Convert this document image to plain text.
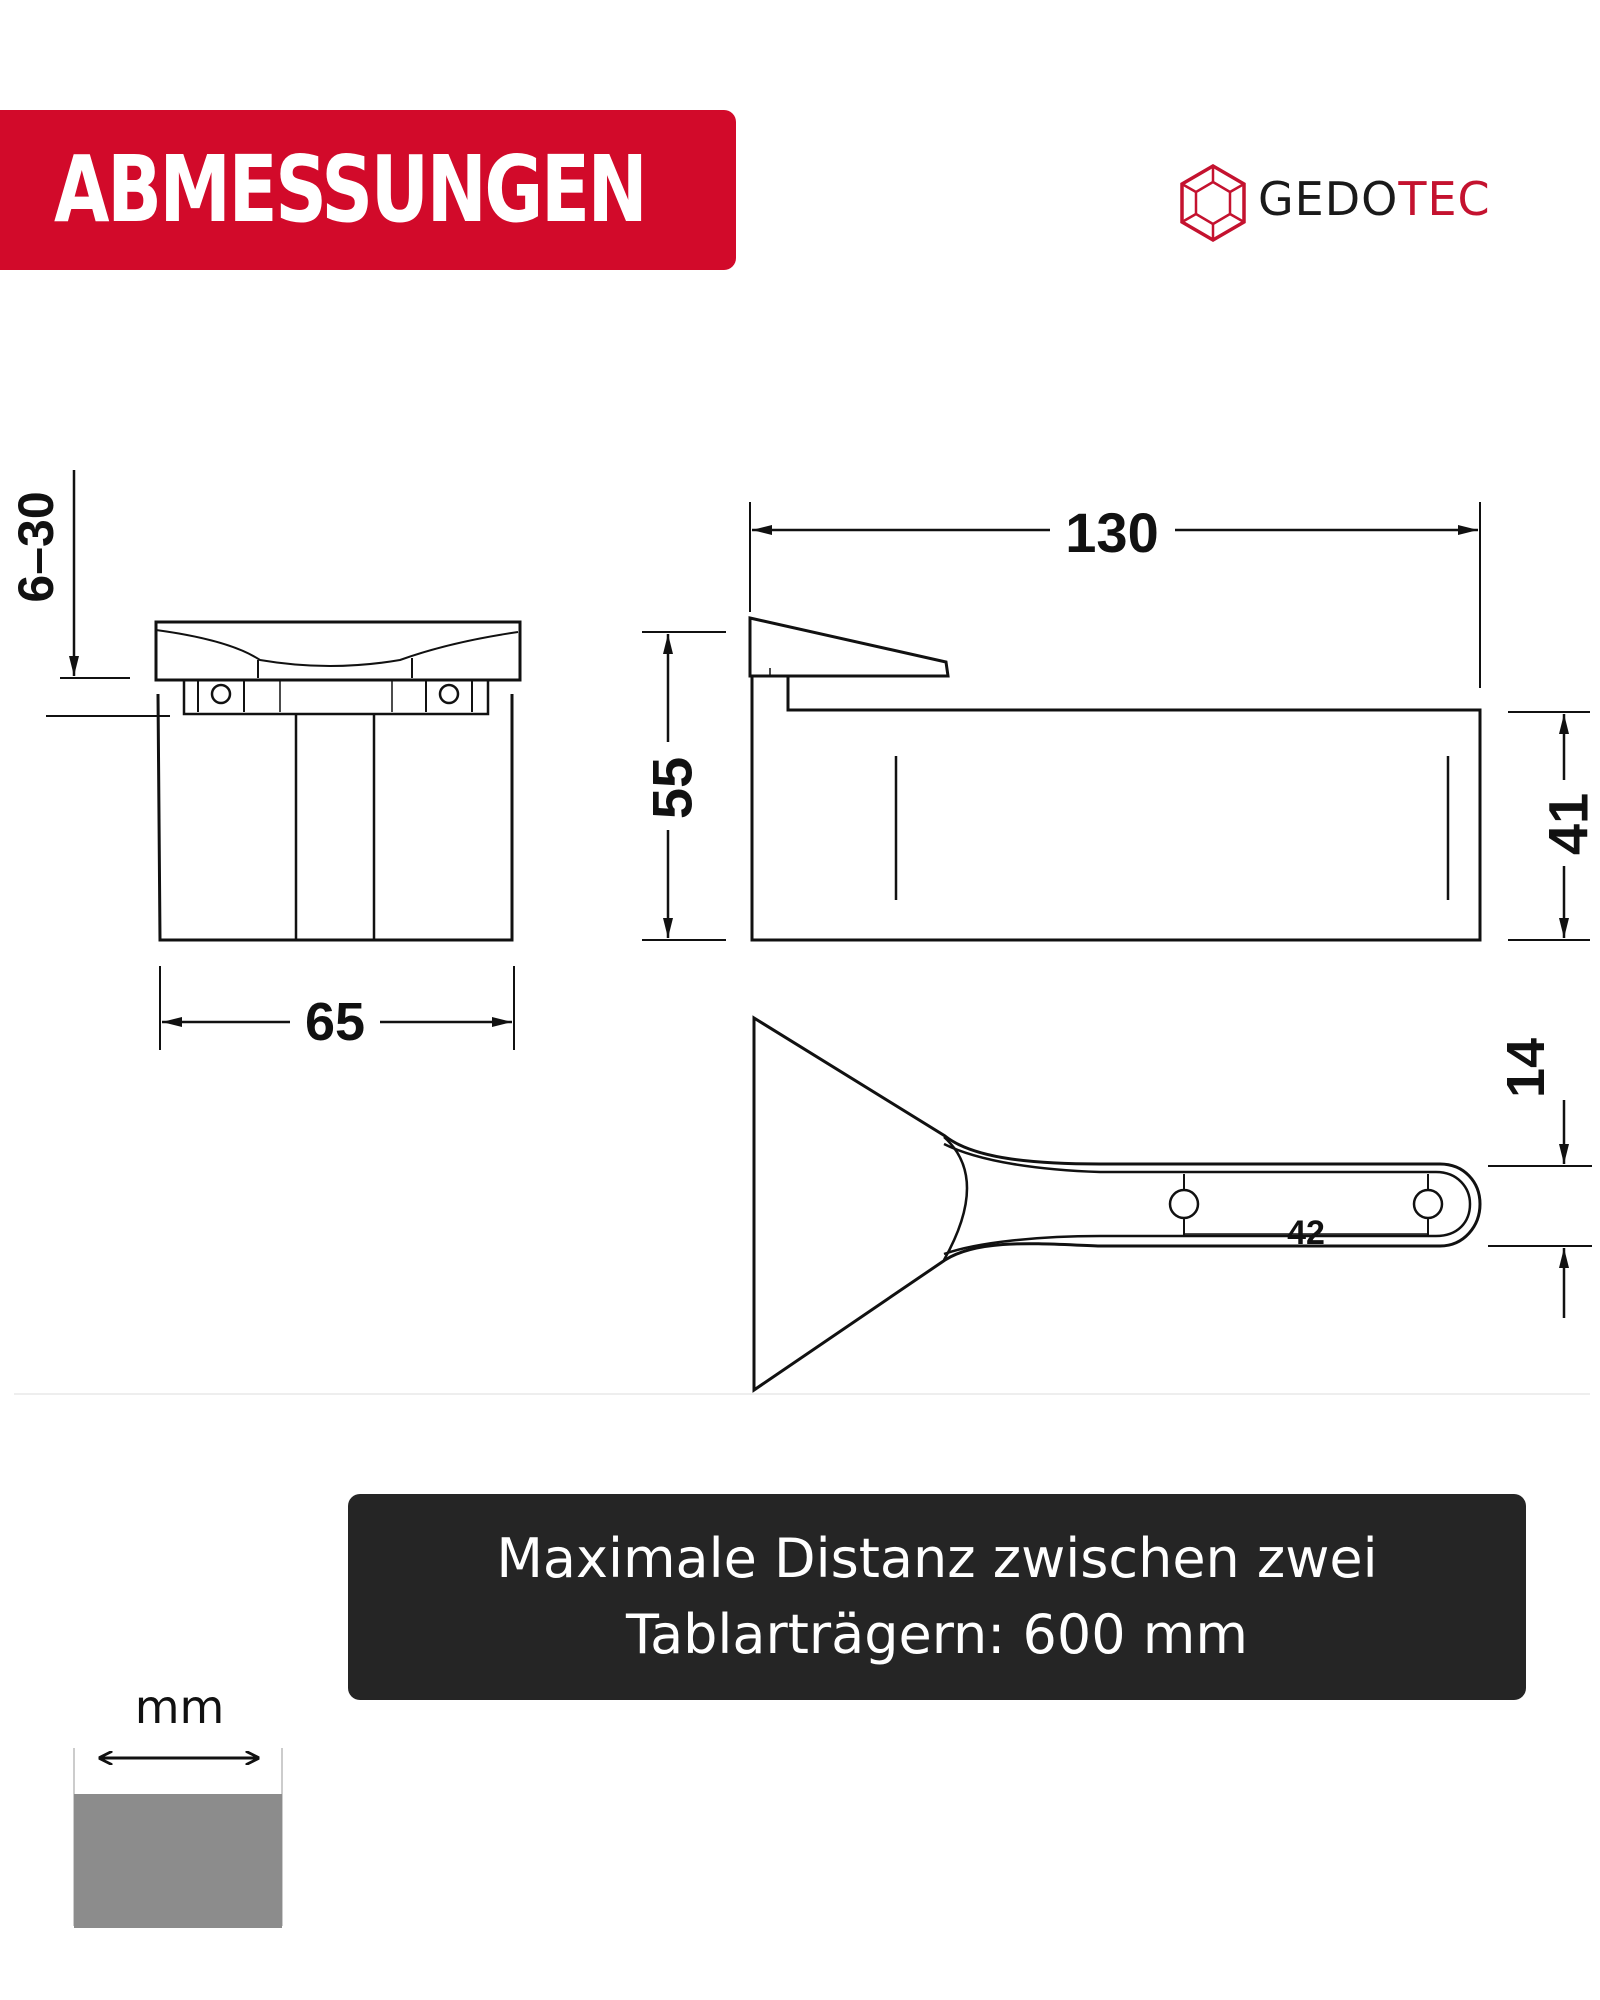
ABMESSUNGEN	GEDOTEC
6–30
65
130
55
41
42
14
Maximale Distanz zwischen zwei
Tablarträgern: 600 mm
mm
